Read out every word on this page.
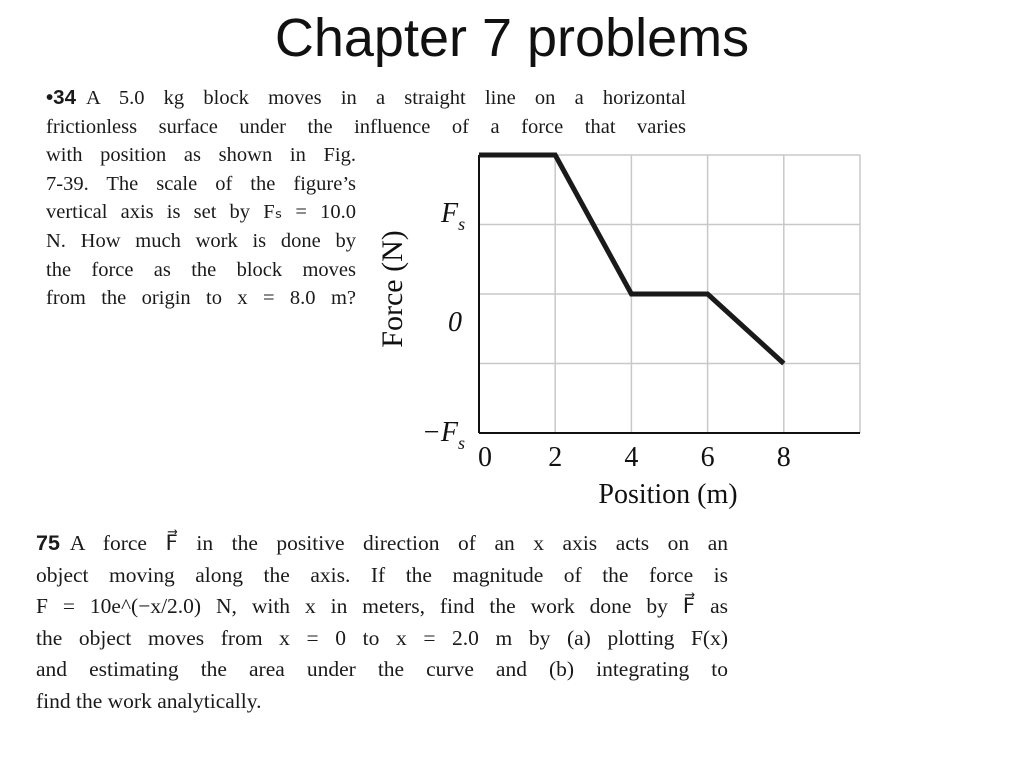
Chapter 7 problems
•34 A 5.0 kg block moves in a straight line on a horizontal
frictionless surface under the influence of a force that varies
with position as shown in Fig.
7-39. The scale of the figure’s
vertical axis is set by Fₛ = 10.0
N. How much work is done by
the force as the block moves
from the origin to x = 8.0 m?
0 2 4 6 8
$F_s$
0
$-F_s$
Position (m)
Force (N)
75 A force F⃗ in the positive direction of an x axis acts on an
object moving along the axis. If the magnitude of the force is
F = 10e^(−x/2.0) N, with x in meters, find the work done by F⃗ as
the object moves from x = 0 to x = 2.0 m by (a) plotting F(x)
and estimating the area under the curve and (b) integrating to
find the work analytically.
